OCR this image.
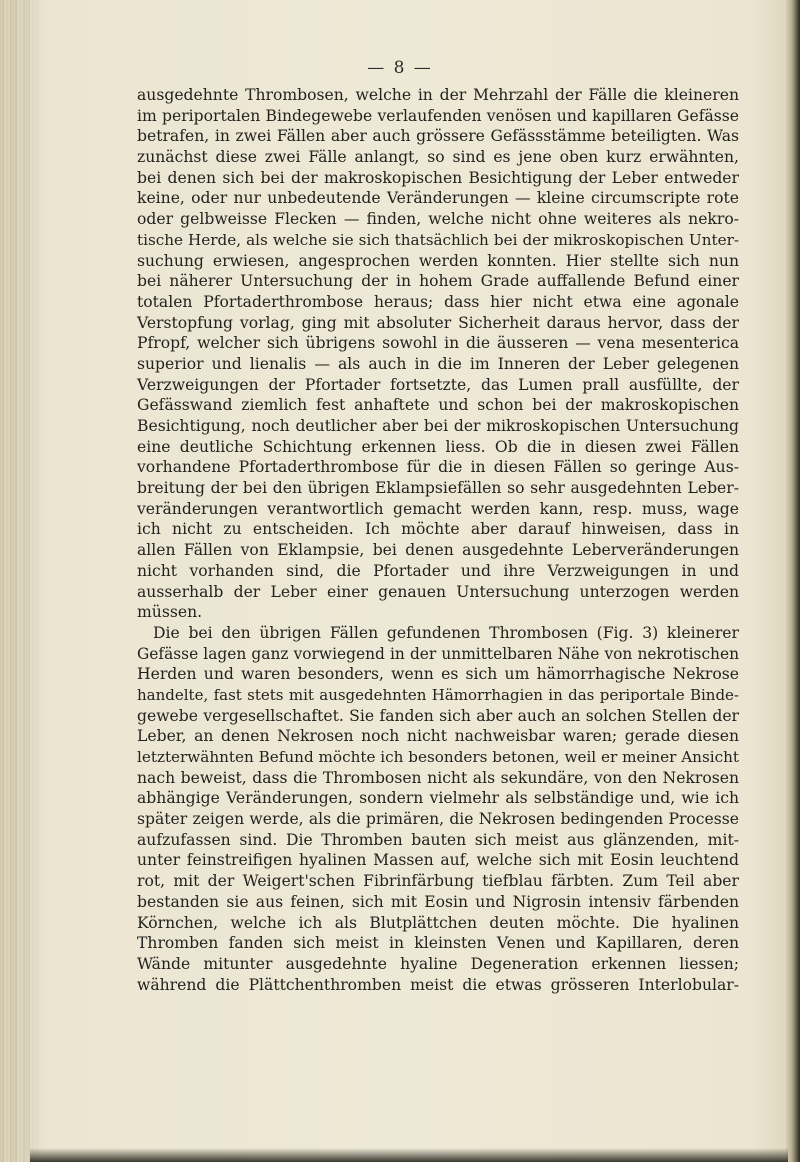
— 8 —
ausgedehnte Thrombosen, welche in der Mehrzahl der Fälle die kleineren
im periportalen Bindegewebe verlaufenden venösen und kapillaren Gefässe
betrafen, in zwei Fällen aber auch grössere Gefässstämme beteiligten. Was
zunächst diese zwei Fälle anlangt, so sind es jene oben kurz erwähnten,
bei denen sich bei der makroskopischen Besichtigung der Leber entweder
keine, oder nur unbedeutende Veränderungen — kleine circumscripte rote
oder gelbweisse Flecken — finden, welche nicht ohne weiteres als nekro-
tische Herde, als welche sie sich thatsächlich bei der mikroskopischen Unter-
suchung erwiesen, angesprochen werden konnten. Hier stellte sich nun
bei näherer Untersuchung der in hohem Grade auffallende Befund einer
totalen Pfortaderthrombose heraus; dass hier nicht etwa eine agonale
Verstopfung vorlag, ging mit absoluter Sicherheit daraus hervor, dass der
Pfropf, welcher sich übrigens sowohl in die äusseren — vena mesenterica
superior und lienalis — als auch in die im Inneren der Leber gelegenen
Verzweigungen der Pfortader fortsetzte, das Lumen prall ausfüllte, der
Gefässwand ziemlich fest anhaftete und schon bei der makroskopischen
Besichtigung, noch deutlicher aber bei der mikroskopischen Untersuchung
eine deutliche Schichtung erkennen liess. Ob die in diesen zwei Fällen
vorhandene Pfortaderthrombose für die in diesen Fällen so geringe Aus-
breitung der bei den übrigen Eklampsiefällen so sehr ausgedehnten Leber-
veränderungen verantwortlich gemacht werden kann, resp. muss, wage
ich nicht zu entscheiden. Ich möchte aber darauf hinweisen, dass in
allen Fällen von Eklampsie, bei denen ausgedehnte Leberveränderungen
nicht vorhanden sind, die Pfortader und ihre Verzweigungen in und
ausserhalb der Leber einer genauen Untersuchung unterzogen werden
müssen.
Die bei den übrigen Fällen gefundenen Thrombosen (Fig. 3) kleinerer
Gefässe lagen ganz vorwiegend in der unmittelbaren Nähe von nekrotischen
Herden und waren besonders, wenn es sich um hämorrhagische Nekrose
handelte, fast stets mit ausgedehnten Hämorrhagien in das periportale Binde-
gewebe vergesellschaftet. Sie fanden sich aber auch an solchen Stellen der
Leber, an denen Nekrosen noch nicht nachweisbar waren; gerade diesen
letzterwähnten Befund möchte ich besonders betonen, weil er meiner Ansicht
nach beweist, dass die Thrombosen nicht als sekundäre, von den Nekrosen
abhängige Veränderungen, sondern vielmehr als selbständige und, wie ich
später zeigen werde, als die primären, die Nekrosen bedingenden Processe
aufzufassen sind. Die Thromben bauten sich meist aus glänzenden, mit-
unter feinstreifigen hyalinen Massen auf, welche sich mit Eosin leuchtend
rot, mit der Weigert'schen Fibrinfärbung tiefblau färbten. Zum Teil aber
bestanden sie aus feinen, sich mit Eosin und Nigrosin intensiv färbenden
Körnchen, welche ich als Blutplättchen deuten möchte. Die hyalinen
Thromben fanden sich meist in kleinsten Venen und Kapillaren, deren
Wände mitunter ausgedehnte hyaline Degeneration erkennen liessen;
während die Plättchenthromben meist die etwas grösseren Interlobular-
